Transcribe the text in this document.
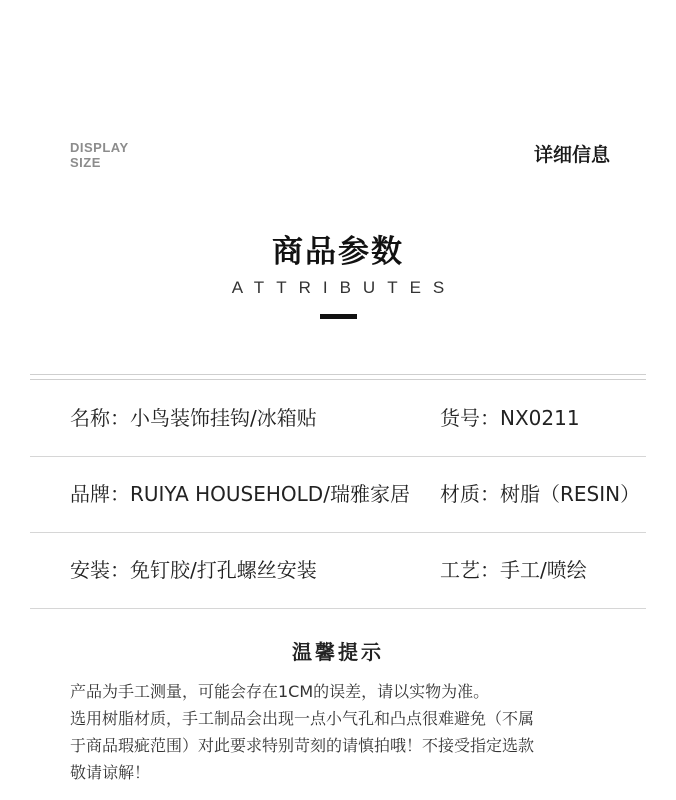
DISPLAY
SIZE	详细信息
商品参数
ATTRIBUTES
名称：小鸟装饰挂钩/冰箱贴	货号：NX0211
品牌：RUIYA HOUSEHOLD/瑞雅家居 材质：树脂（RESIN）
安装：免钉胶/打孔螺丝安装	工艺：手工/喷绘
温馨提示
产品为手工测量，可能会存在1CM的误差，请以实物为准。
选用树脂材质，手工制品会出现一点小气孔和凸点很难避免（不属
于商品瑕疵范围）对此要求特别苛刻的请慎拍哦！不接受指定选款
敬请谅解！
